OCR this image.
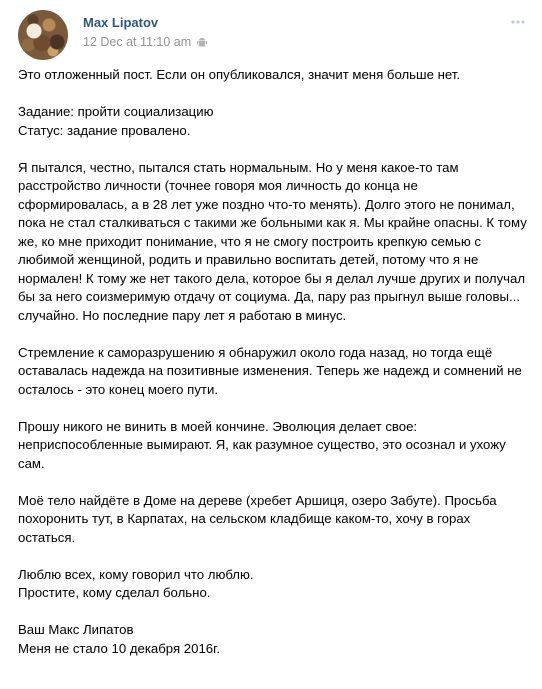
Max Lipatov
12 Dec at 11:10 am

Это отложенный пост. Если он опубликовался, значит меня больше нет.

Задание: пройти социализацию
Статус: задание провалено.

Я пытался, честно, пытался стать нормальным. Но у меня какое-то там расстройство личности (точнее говоря моя личность до конца не сформировалась, а в 28 лет уже поздно что-то менять). Долго этого не понимал, пока не стал сталкиваться с такими же больными как я. Мы крайне опасны. К тому же, ко мне приходит понимание, что я не смогу построить крепкую семью с любимой женщиной, родить и правильно воспитать детей, потому что я не нормален! К тому же нет такого дела, которое бы я делал лучше других и получал бы за него соизмеримую отдачу от социума. Да, пару раз прыгнул выше головы... случайно. Но последние пару лет я работаю в минус.

Стремление к саморазрушению я обнаружил около года назад, но тогда ещё оставалась надежда на позитивные изменения. Теперь же надежд и сомнений не осталось - это конец моего пути.

Прошу никого не винить в моей кончине. Эволюция делает свое: неприспособленные вымирают. Я, как разумное существо, это осознал и ухожу сам.

Моё тело найдёте в Доме на дереве (хребет Аршиця, озеро Забуте). Просьба похоронить тут, в Карпатах, на сельском кладбище каком-то, хочу в горах остаться.

Люблю всех, кому говорил что люблю.
Простите, кому сделал больно.

Ваш Макс Липатов
Меня не стало 10 декабря 2016г.
